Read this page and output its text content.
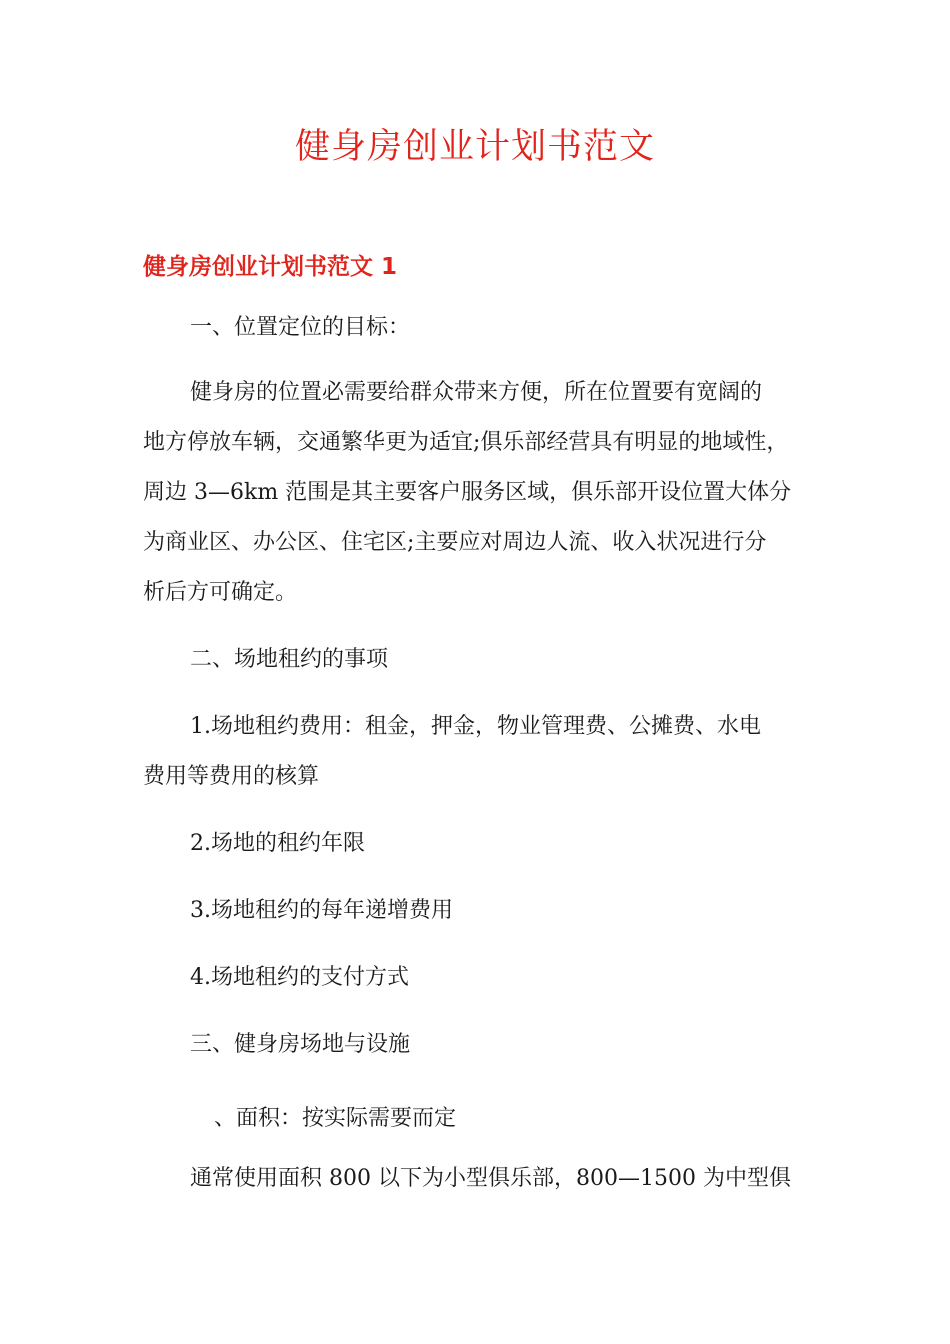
健身房创业计划书范文
健身房创业计划书范文 1
一、位置定位的目标：
健身房的位置必需要给群众带来方便，所在位置要有宽阔的
地方停放车辆，交通繁华更为适宜;俱乐部经营具有明显的地域性，
周边 3—6km 范围是其主要客户服务区域，俱乐部开设位置大体分
为商业区、办公区、住宅区;主要应对周边人流、收入状况进行分
析后方可确定。
二、场地租约的事项
1.场地租约费用：租金，押金，物业管理费、公摊费、水电
费用等费用的核算
2.场地的租约年限
3.场地租约的每年递增费用
4.场地租约的支付方式
三、健身房场地与设施
、面积：按实际需要而定
通常使用面积 800 以下为小型俱乐部，800—1500 为中型俱
